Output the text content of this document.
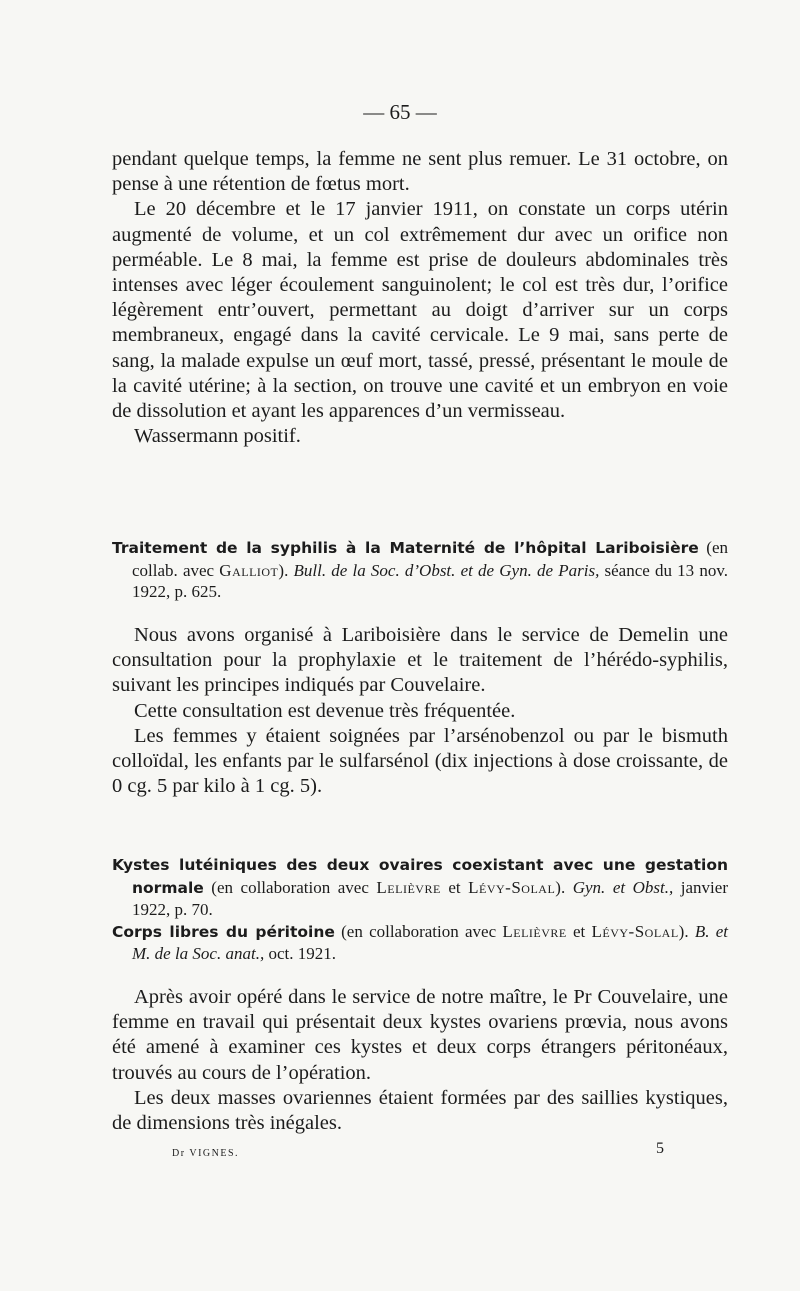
— 65 —

pendant quelque temps, la femme ne sent plus remuer. Le 31 octobre, on pense à une rétention de fœtus mort.

Le 20 décembre et le 17 janvier 1911, on constate un corps utérin augmenté de volume, et un col extrêmement dur avec un orifice non perméable. Le 8 mai, la femme est prise de douleurs abdominales très intenses avec léger écoulement sanguinolent; le col est très dur, l’orifice légèrement entr’ouvert, permettant au doigt d’arriver sur un corps membraneux, engagé dans la cavité cervicale. Le 9 mai, sans perte de sang, la malade expulse un œuf mort, tassé, pressé, présentant le moule de la cavité utérine; à la section, on trouve une cavité et un embryon en voie de dissolution et ayant les apparences d’un vermisseau.

Wassermann positif.

Traitement de la syphilis à la Maternité de l’hôpital Lariboisière (en collab. avec Galliot). Bull. de la Soc. d’Obst. et de Gyn. de Paris, séance du 13 nov. 1922, p. 625.

Nous avons organisé à Lariboisière dans le service de Demelin une consultation pour la prophylaxie et le traitement de l’hérédo-syphilis, suivant les principes indiqués par Couvelaire.

Cette consultation est devenue très fréquentée.

Les femmes y étaient soignées par l’arsénobenzol ou par le bismuth colloïdal, les enfants par le sulfarsénol (dix injections à dose croissante, de 0 cg. 5 par kilo à 1 cg. 5).

Kystes lutéiniques des deux ovaires coexistant avec une gestation normale (en collaboration avec Lelièvre et Lévy-Solal). Gyn. et Obst., janvier 1922, p. 70.

Corps libres du péritoine (en collaboration avec Lelièvre et Lévy-Solal). B. et M. de la Soc. anat., oct. 1921.

Après avoir opéré dans le service de notre maître, le Pr Couvelaire, une femme en travail qui présentait deux kystes ovariens prœvia, nous avons été amené à examiner ces kystes et deux corps étrangers péritonéaux, trouvés au cours de l’opération.

Les deux masses ovariennes étaient formées par des saillies kystiques, de dimensions très inégales.

Dr VIGNES.	5
